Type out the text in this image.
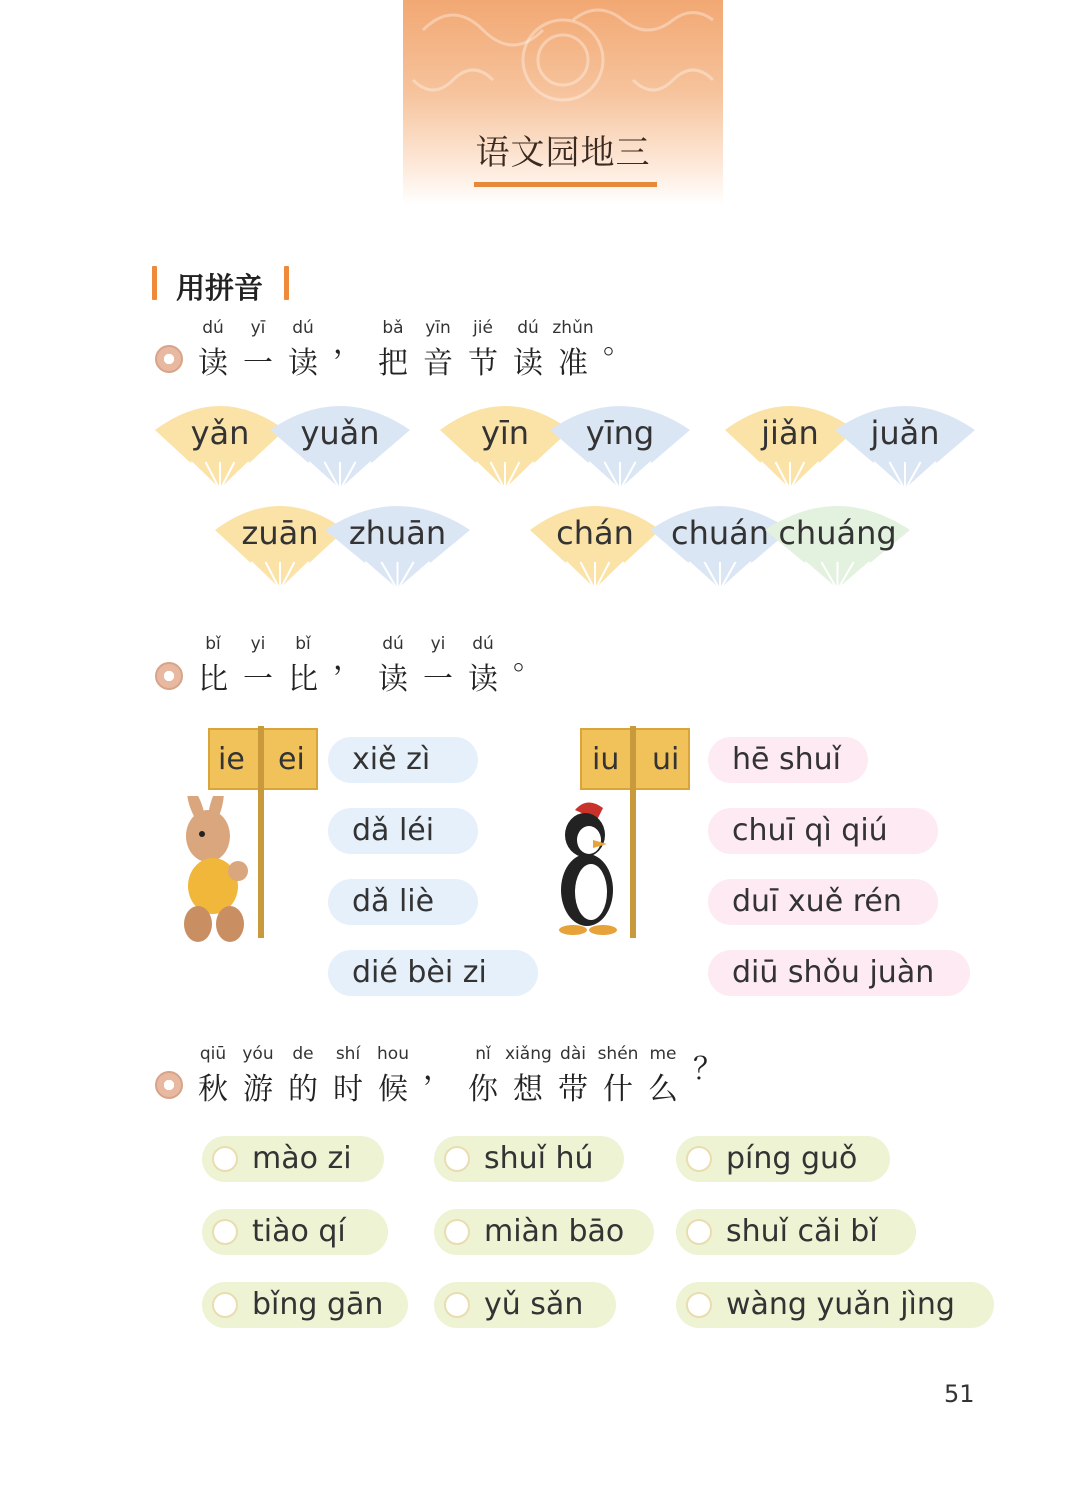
语文园地三
用拼音
dú
读
yī
一
dú
读
，	bǎ
把
yīn
音
jié
节
dú
读
zhǔn
准
。
yǎn	yuǎn	yīn	yīng	jiǎn	juǎn
zuān zhuān	chán	chuán chuáng
bǐ
比
yi
一
bǐ
比
，	dú
读
yi
一
dú
读
。
ie ei	xiě zì
dǎ léi
dǎ liè
dié bèi zi
iu ui	hē shuǐ
chuī qì qiú
duī xuě rén
diū shǒu juàn
qiū
秋
yóu
游
de
的
shí
时
hou
候
，	nǐ
你
xiǎng
想
dài
带
shén
什
me
么
？
mào zi	shuǐ hú	píng guǒ
tiào qí	miàn bāo	shuǐ cǎi bǐ
bǐng gān	yǔ sǎn	wàng yuǎn jìng
51
